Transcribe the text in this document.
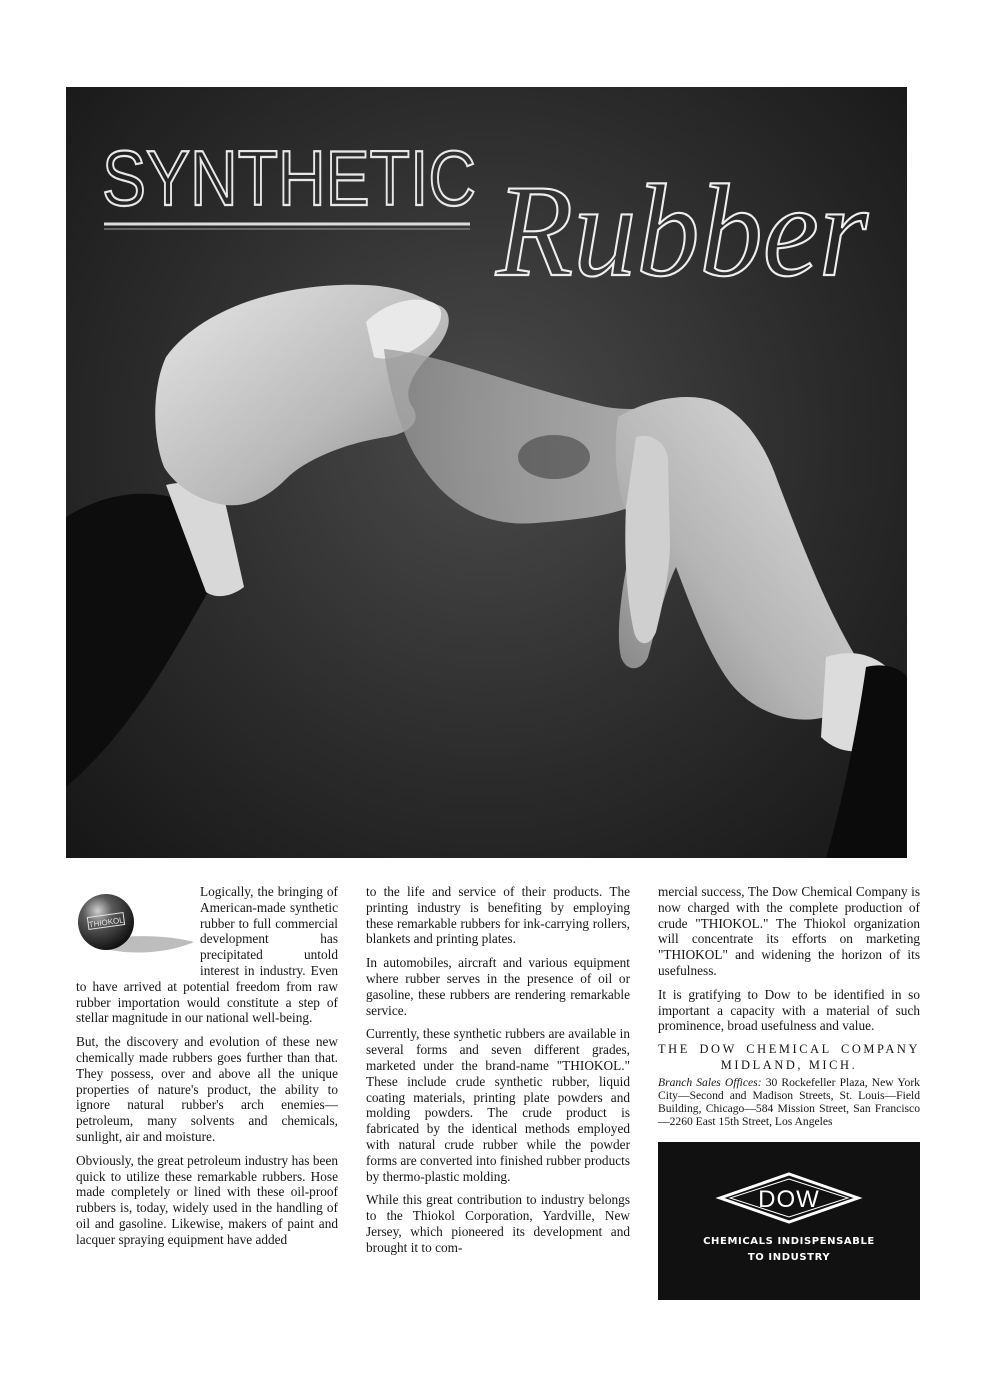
SYNTHETIC Rubber
THIOKOL

Logically, the bringing of American-made synthetic rubber to full commercial development has precipitated untold interest in industry. Even to have arrived at potential freedom from raw rubber importation would constitute a step of stellar magnitude in our national well-being.

But, the discovery and evolution of these new chemically made rubbers goes further than that. They possess, over and above all the unique properties of nature's product, the ability to ignore natural rubber's arch enemies—petroleum, many solvents and chemicals, sunlight, air and moisture.

Obviously, the great petroleum industry has been quick to utilize these remarkable rubbers. Hose made completely or lined with these oil-proof rubbers is, today, widely used in the handling of oil and gasoline. Likewise, makers of paint and lacquer spraying equipment have added

to the life and service of their products. The printing industry is benefiting by employing these remarkable rubbers for ink-carrying rollers, blankets and printing plates.

In automobiles, aircraft and various equipment where rubber serves in the presence of oil or gasoline, these rubbers are rendering remarkable service.

Currently, these synthetic rubbers are available in several forms and seven different grades, marketed under the brand-name "THIOKOL." These include crude synthetic rubber, liquid coating materials, printing plate powders and molding powders. The crude product is fabricated by the identical methods employed with natural crude rubber while the powder forms are converted into finished rubber products by thermo-plastic molding.

While this great contribution to industry belongs to the Thiokol Corporation, Yardville, New Jersey, which pioneered its development and brought it to com-

mercial success, The Dow Chemical Company is now charged with the complete production of crude "THIOKOL." The Thiokol organization will concentrate its efforts on marketing "THIOKOL" and widening the horizon of its usefulness.

It is gratifying to Dow to be identified in so important a capacity with a material of such prominence, broad usefulness and value.

THE DOW CHEMICAL COMPANY
MIDLAND, MICH.

Branch Sales Offices: 30 Rockefeller Plaza, New York City—Second and Madison Streets, St. Louis—Field Building, Chicago—584 Mission Street, San Francisco—2260 East 15th Street, Los Angeles

DOW
CHEMICALS INDISPENSABLE
TO INDUSTRY
